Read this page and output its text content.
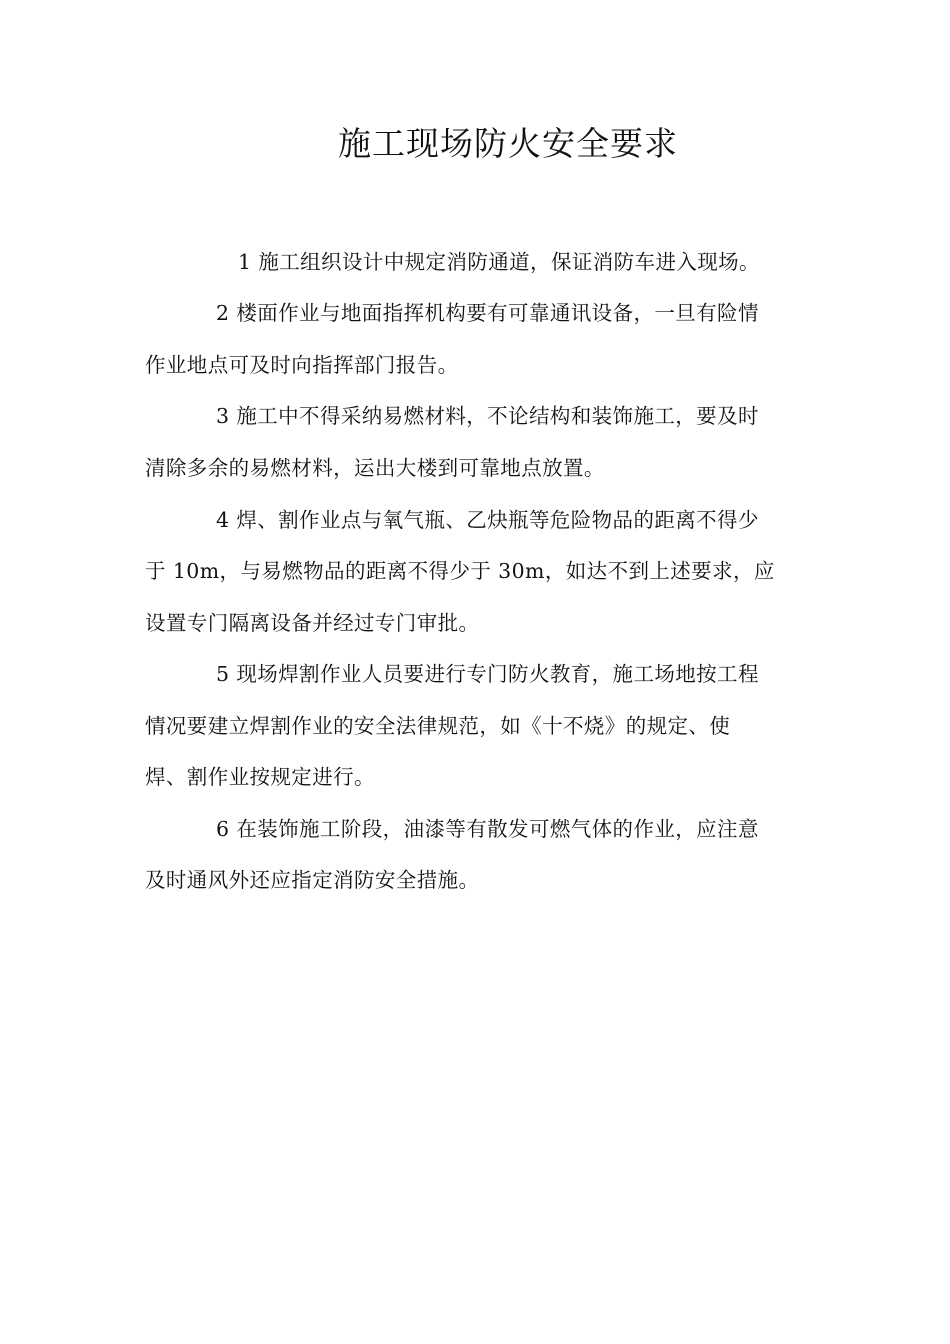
施工现场防火安全要求
1 施工组织设计中规定消防通道，保证消防车进入现场。
2 楼面作业与地面指挥机构要有可靠通讯设备，一旦有险情
作业地点可及时向指挥部门报告。
3 施工中不得采纳易燃材料，不论结构和装饰施工，要及时
清除多余的易燃材料，运出大楼到可靠地点放置。
4 焊、割作业点与氧气瓶、乙炔瓶等危险物品的距离不得少
于 10m，与易燃物品的距离不得少于 30m，如达不到上述要求，应
设置专门隔离设备并经过专门审批。
5 现场焊割作业人员要进行专门防火教育，施工场地按工程
情况要建立焊割作业的安全法律规范，如《十不烧》的规定、使
焊、割作业按规定进行。
6 在装饰施工阶段，油漆等有散发可燃气体的作业，应注意
及时通风外还应指定消防安全措施。
